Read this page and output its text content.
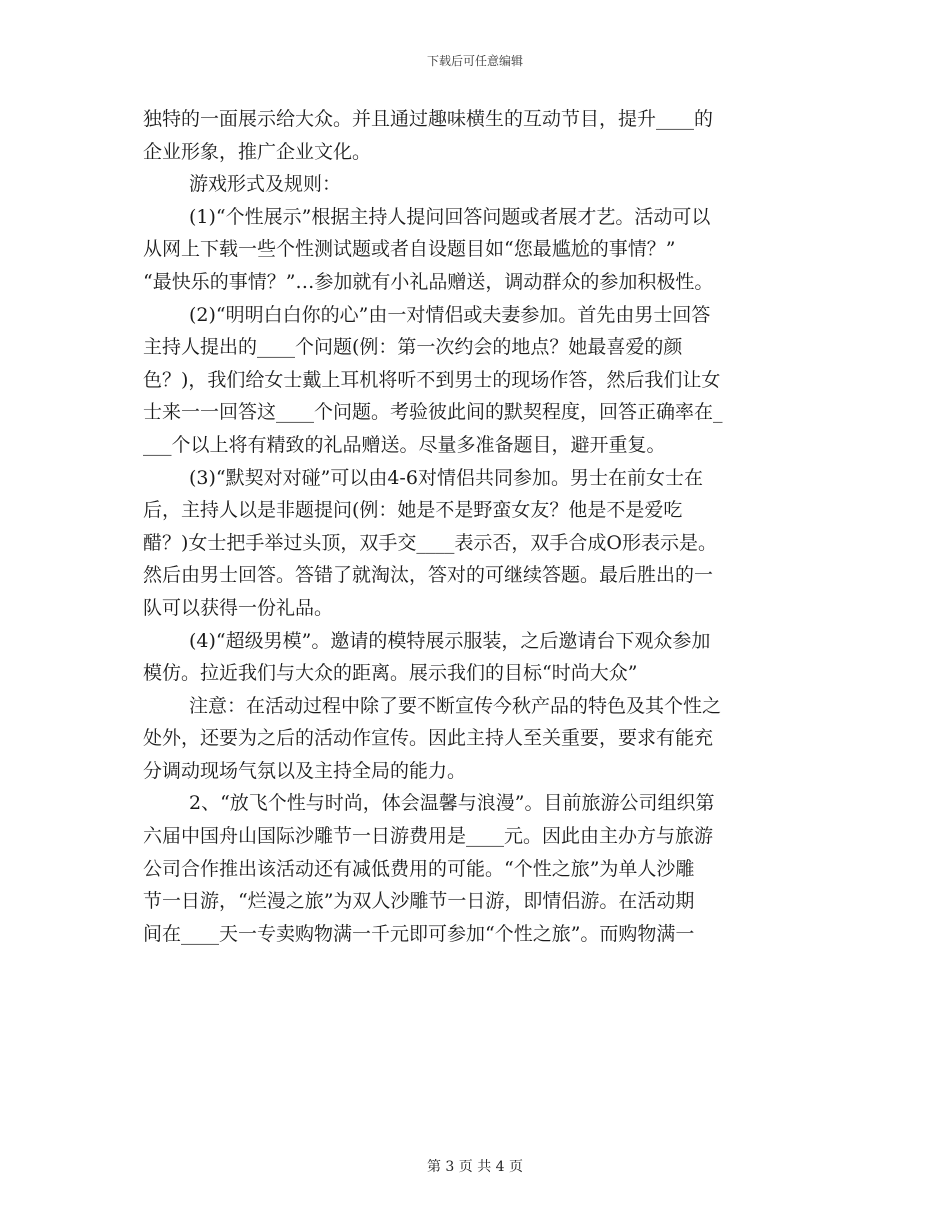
下载后可任意编辑
独特的一面展示给大众。并且通过趣味横生的互动节目，提升____的
企业形象，推广企业文化。
游戏形式及规则：
(1)“个性展示”根据主持人提问回答问题或者展才艺。活动可以
从网上下载一些个性测试题或者自设题目如“您最尴尬的事情？”
“最快乐的事情？”…参加就有小礼品赠送，调动群众的参加积极性。
(2)“明明白白你的心”由一对情侣或夫妻参加。首先由男士回答
主持人提出的____个问题(例：第一次约会的地点？她最喜爱的颜
色？)，我们给女士戴上耳机将听不到男士的现场作答，然后我们让女
士来一一回答这____个问题。考验彼此间的默契程度，回答正确率在_
___个以上将有精致的礼品赠送。尽量多准备题目，避开重复。
(3)“默契对对碰”可以由4-6对情侣共同参加。男士在前女士在
后，主持人以是非题提问(例：她是不是野蛮女友？他是不是爱吃
醋？)女士把手举过头顶，双手交____表示否，双手合成O形表示是。
然后由男士回答。答错了就淘汰，答对的可继续答题。最后胜出的一
队可以获得一份礼品。
(4)“超级男模”。邀请的模特展示服装，之后邀请台下观众参加
模仿。拉近我们与大众的距离。展示我们的目标“时尚大众”
注意：在活动过程中除了要不断宣传今秋产品的特色及其个性之
处外，还要为之后的活动作宣传。因此主持人至关重要，要求有能充
分调动现场气氛以及主持全局的能力。
2、“放飞个性与时尚，体会温馨与浪漫”。目前旅游公司组织第
六届中国舟山国际沙雕节一日游费用是____元。因此由主办方与旅游
公司合作推出该活动还有减低费用的可能。“个性之旅”为单人沙雕
节一日游，“烂漫之旅”为双人沙雕节一日游，即情侣游。在活动期
间在____天一专卖购物满一千元即可参加“个性之旅”。而购物满一
第 3 页 共 4 页
